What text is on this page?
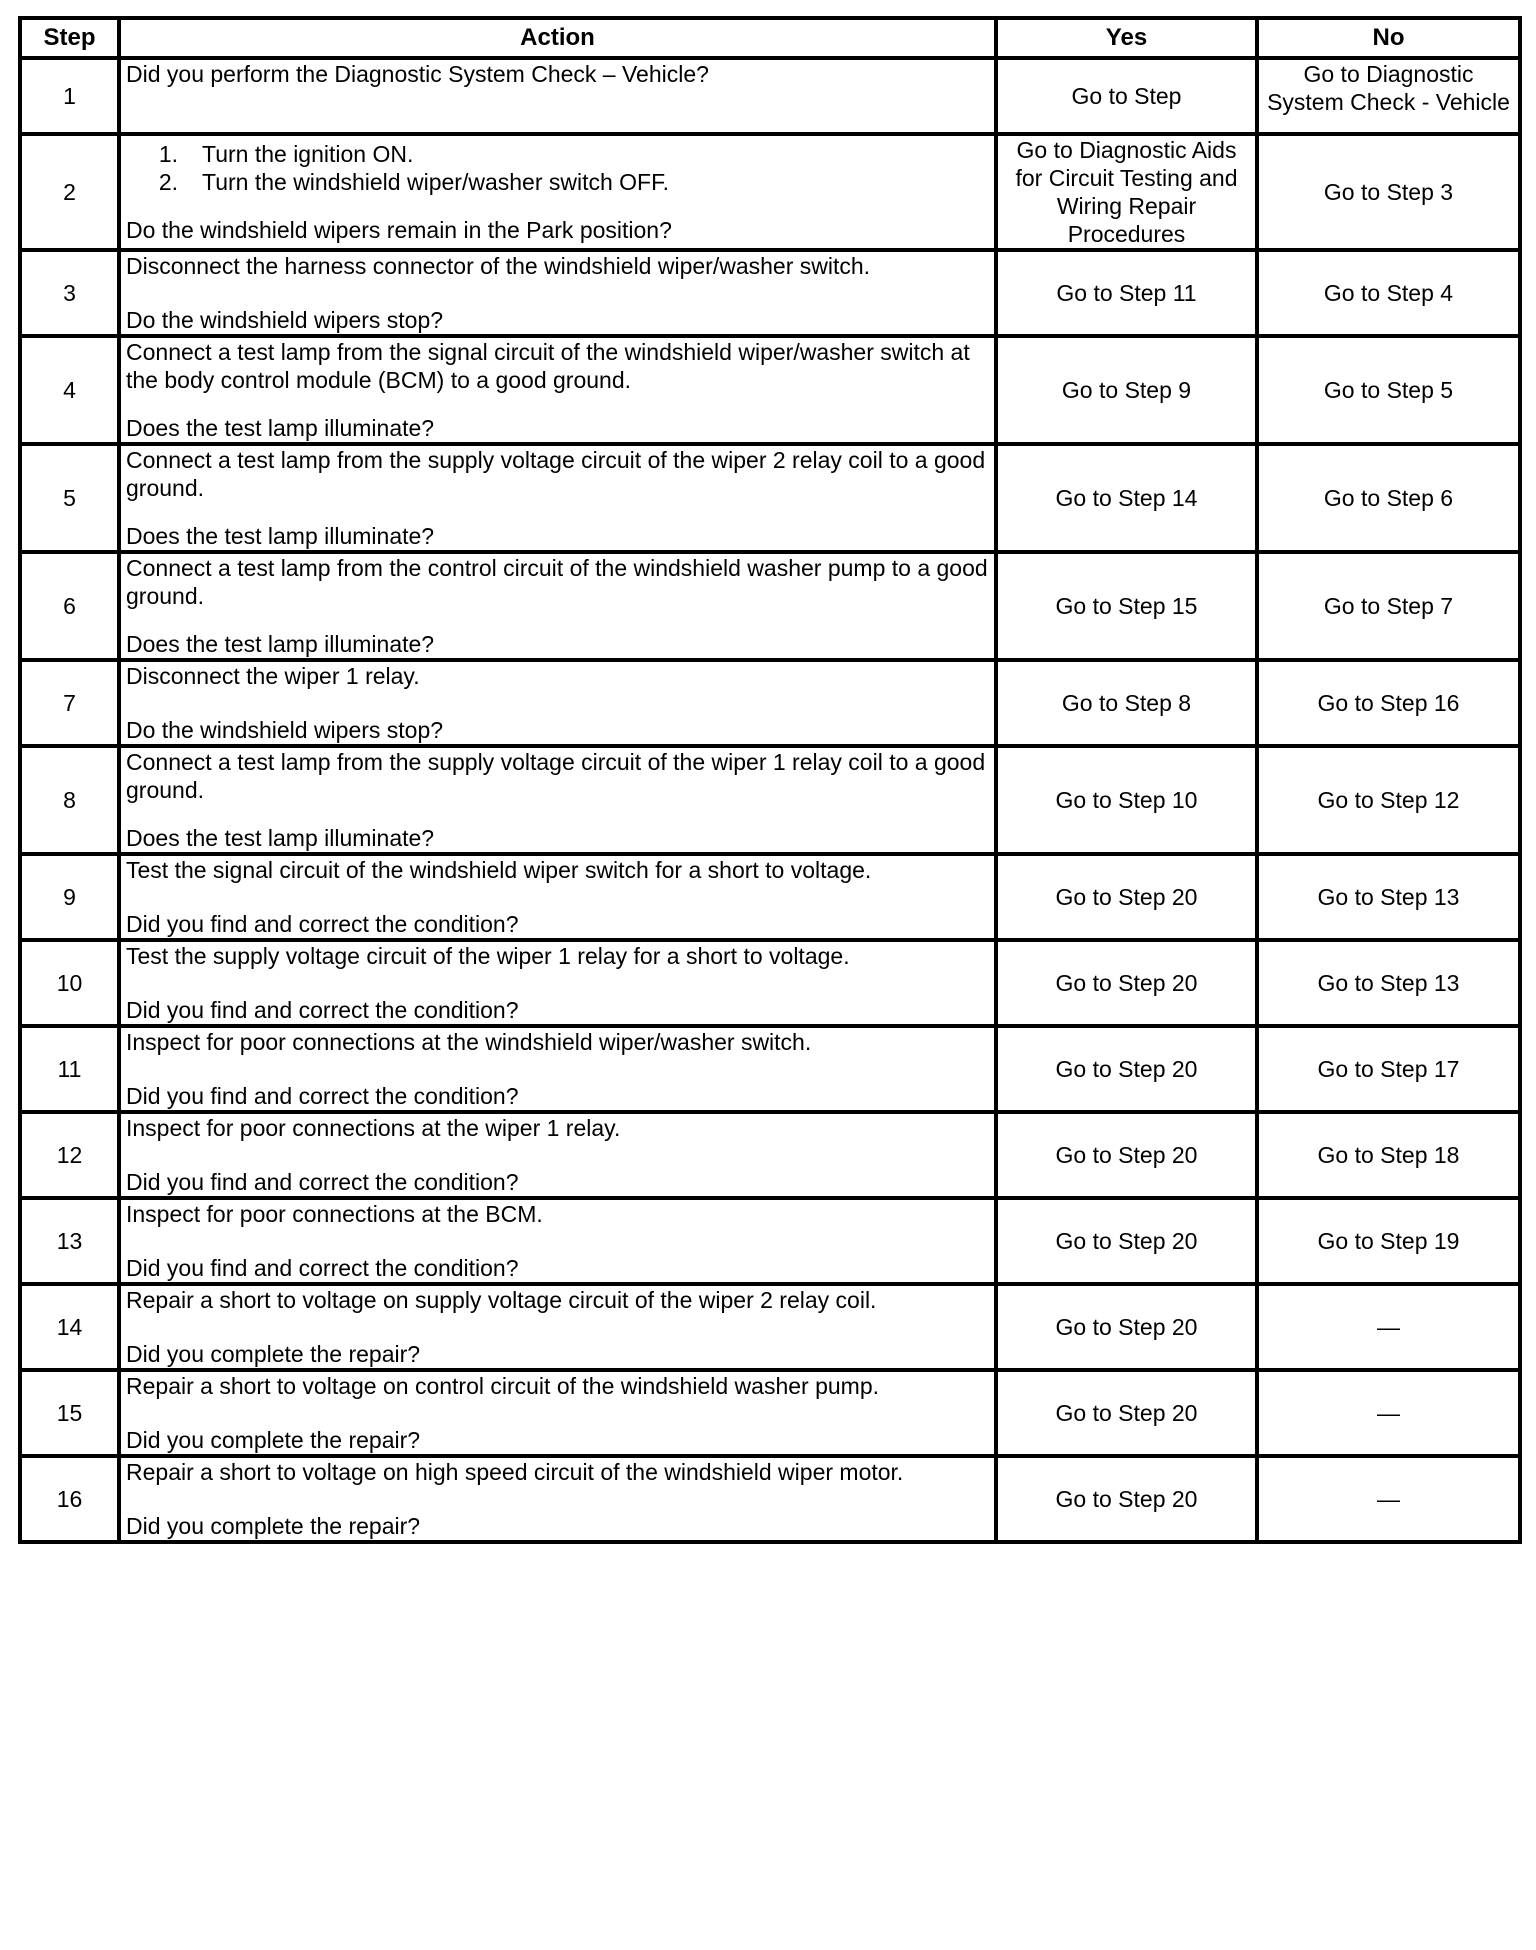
Step	Action	Yes	No
1	Did you perform the Diagnostic System Check – Vehicle?	Go to Step	Go to Diagnostic System Check - Vehicle
2	1. Turn the ignition ON.
2. Turn the windshield wiper/washer switch OFF.
Do the windshield wipers remain in the Park position?	Go to Diagnostic Aids for Circuit Testing and Wiring Repair Procedures	Go to Step 3
3	Disconnect the harness connector of the windshield wiper/washer switch.
Do the windshield wipers stop?	Go to Step 11	Go to Step 4
4	Connect a test lamp from the signal circuit of the windshield wiper/washer switch at the body control module (BCM) to a good ground.
Does the test lamp illuminate?	Go to Step 9	Go to Step 5
5	Connect a test lamp from the supply voltage circuit of the wiper 2 relay coil to a good ground.
Does the test lamp illuminate?	Go to Step 14	Go to Step 6
6	Connect a test lamp from the control circuit of the windshield washer pump to a good ground.
Does the test lamp illuminate?	Go to Step 15	Go to Step 7
7	Disconnect the wiper 1 relay.
Do the windshield wipers stop?	Go to Step 8	Go to Step 16
8	Connect a test lamp from the supply voltage circuit of the wiper 1 relay coil to a good ground.
Does the test lamp illuminate?	Go to Step 10	Go to Step 12
9	Test the signal circuit of the windshield wiper switch for a short to voltage.
Did you find and correct the condition?	Go to Step 20	Go to Step 13
10	Test the supply voltage circuit of the wiper 1 relay for a short to voltage.
Did you find and correct the condition?	Go to Step 20	Go to Step 13
11	Inspect for poor connections at the windshield wiper/washer switch.
Did you find and correct the condition?	Go to Step 20	Go to Step 17
12	Inspect for poor connections at the wiper 1 relay.
Did you find and correct the condition?	Go to Step 20	Go to Step 18
13	Inspect for poor connections at the BCM.
Did you find and correct the condition?	Go to Step 20	Go to Step 19
14	Repair a short to voltage on supply voltage circuit of the wiper 2 relay coil.
Did you complete the repair?	Go to Step 20	—
15	Repair a short to voltage on control circuit of the windshield washer pump.
Did you complete the repair?	Go to Step 20	—
16	Repair a short to voltage on high speed circuit of the windshield wiper motor.
Did you complete the repair?	Go to Step 20	—
